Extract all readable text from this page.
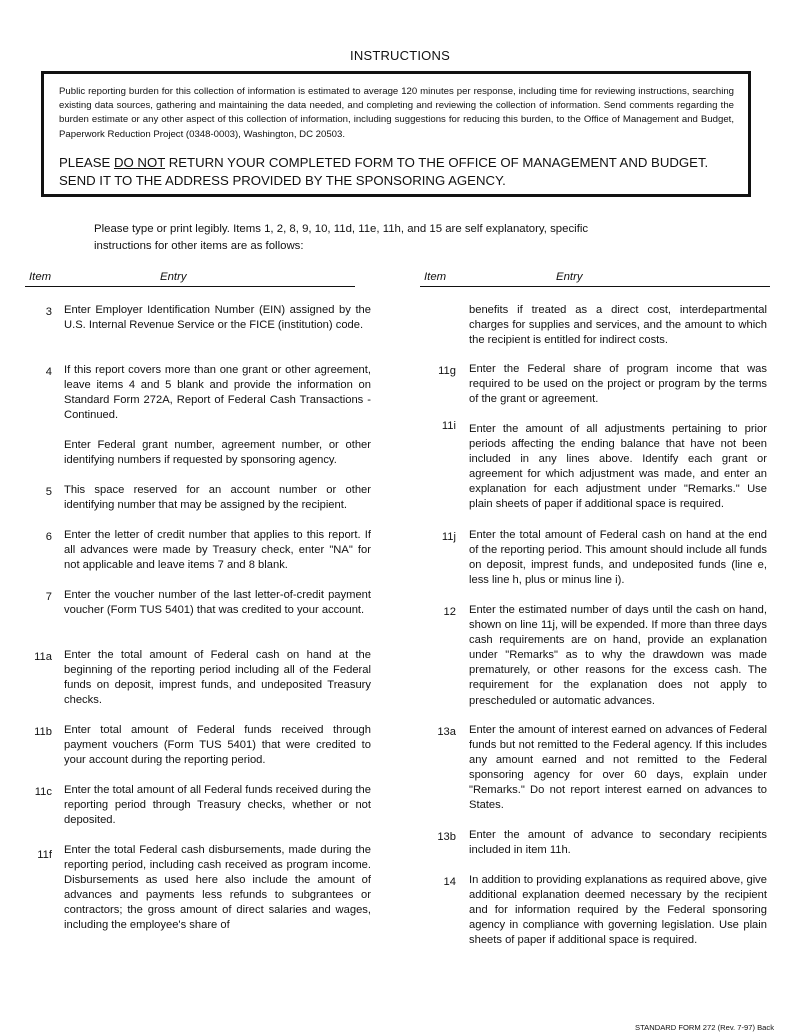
INSTRUCTIONS
Public reporting burden for this collection of information is estimated to average 120 minutes per response, including time for reviewing instructions, searching existing data sources, gathering and maintaining the data needed, and completing and reviewing the collection of information. Send comments regarding the burden estimate or any other aspect of this collection of information, including suggestions for reducing this burden, to the Office of Management and Budget, Paperwork Reduction Project (0348-0003), Washington, DC 20503.
PLEASE DO NOT RETURN YOUR COMPLETED FORM TO THE OFFICE OF MANAGEMENT AND BUDGET. SEND IT TO THE ADDRESS PROVIDED BY THE SPONSORING AGENCY.
Please type or print legibly. Items 1, 2, 8, 9, 10, 11d, 11e, 11h, and 15 are self explanatory, specific instructions for other items are as follows:
Item	Entry	Item	Entry
3 Enter Employer Identification Number (EIN) assigned by the U.S. Internal Revenue Service or the FICE (institution) code.

4 If this report covers more than one grant or other agreement, leave items 4 and 5 blank and provide the information on Standard Form 272A, Report of Federal Cash Transactions - Continued.

Enter Federal grant number, agreement number, or other identifying numbers if requested by sponsoring agency.

5 This space reserved for an account number or other identifying number that may be assigned by the recipient.

6 Enter the letter of credit number that applies to this report. If all advances were made by Treasury check, enter "NA" for not applicable and leave items 7 and 8 blank.

7 Enter the voucher number of the last letter-of-credit payment voucher (Form TUS 5401) that was credited to your account.

11a Enter the total amount of Federal cash on hand at the beginning of the reporting period including all of the Federal funds on deposit, imprest funds, and undeposited Treasury checks.

11b Enter total amount of Federal funds received through payment vouchers (Form TUS 5401) that were credited to your account during the reporting period.

11c Enter the total amount of all Federal funds received during the reporting period through Treasury checks, whether or not deposited.

11f Enter the total Federal cash disbursements, made during the reporting period, including cash received as program income. Disbursements as used here also include the amount of advances and payments less refunds to subgrantees or contractors; the gross amount of direct salaries and wages, including the employee's share of

benefits if treated as a direct cost, interdepartmental charges for supplies and services, and the amount to which the recipient is entitled for indirect costs.

11g Enter the Federal share of program income that was required to be used on the project or program by the terms of the grant or agreement.

11i Enter the amount of all adjustments pertaining to prior periods affecting the ending balance that have not been included in any lines above. Identify each grant or agreement for which adjustment was made, and enter an explanation for each adjustment under "Remarks." Use plain sheets of paper if additional space is required.

11j Enter the total amount of Federal cash on hand at the end of the reporting period. This amount should include all funds on deposit, imprest funds, and undeposited funds (line e, less line h, plus or minus line i).

12 Enter the estimated number of days until the cash on hand, shown on line 11j, will be expended. If more than three days cash requirements are on hand, provide an explanation under "Remarks" as to why the drawdown was made prematurely, or other reasons for the excess cash. The requirement for the explanation does not apply to prescheduled or automatic advances.

13a Enter the amount of interest earned on advances of Federal funds but not remitted to the Federal agency. If this includes any amount earned and not remitted to the Federal sponsoring agency for over 60 days, explain under "Remarks." Do not report interest earned on advances to States.

13b Enter the amount of advance to secondary recipients included in item 11h.

14 In addition to providing explanations as required above, give additional explanation deemed necessary by the recipient and for information required by the Federal sponsoring agency in compliance with governing legislation. Use plain sheets of paper if additional space is required.

STANDARD FORM 272 (Rev. 7-97) Back
